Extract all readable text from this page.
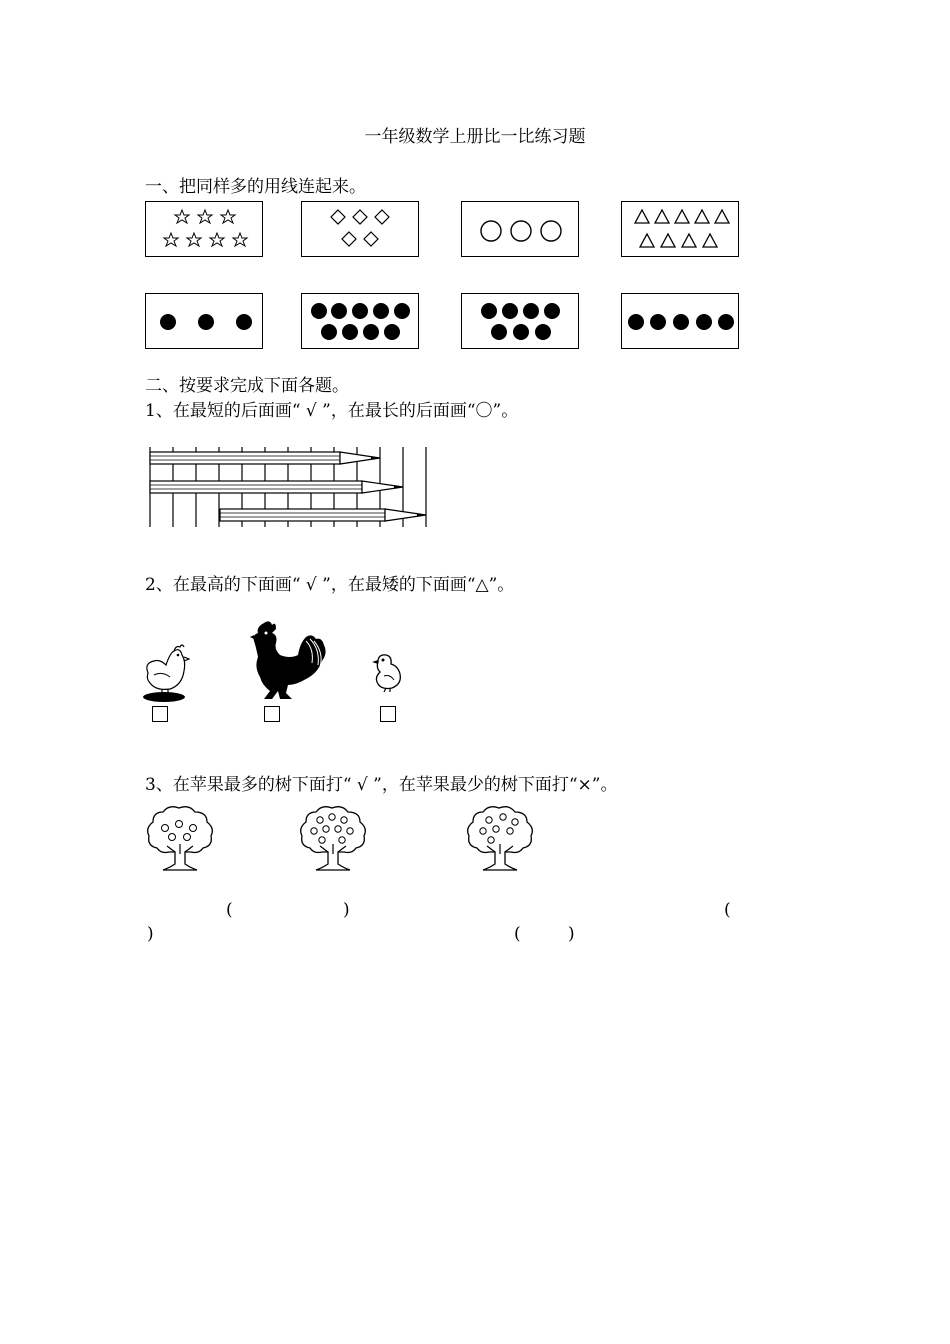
一年级数学上册比一比练习题
一、把同样多的用线连起来。
二、按要求完成下面各题。
1、在最短的后面画“ √ ”，在最长的后面画“〇”。
2、在最高的下面画“ √ ”，在最矮的下面画“△”。
3、在苹果最多的树下面打“ √ ”，在苹果最少的树下面打“×”。
(	)	(
)	(	)
